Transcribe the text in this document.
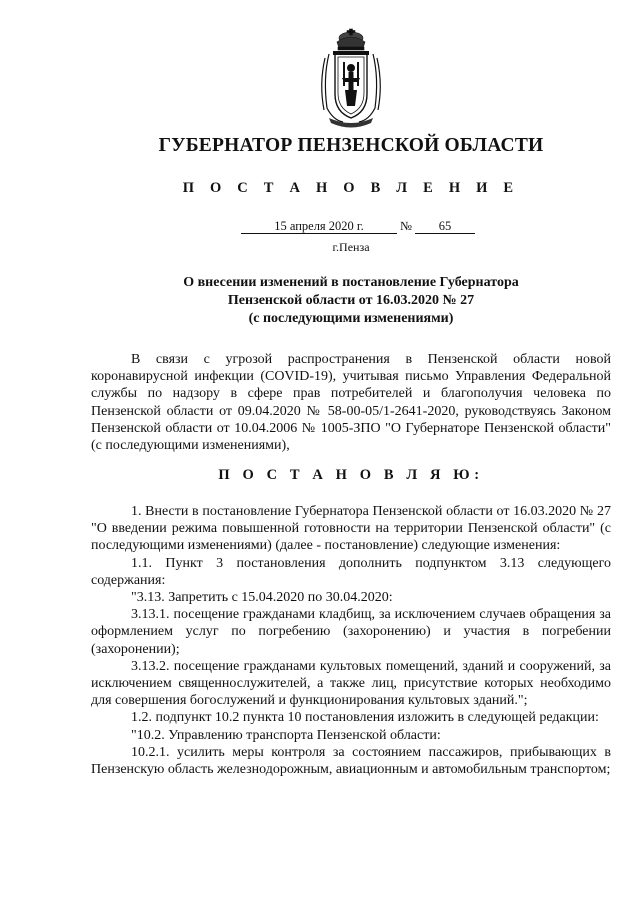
ГУБЕРНАТОР ПЕНЗЕНСКОЙ ОБЛАСТИ
П О С Т А Н О В Л Е Н И Е
15 апреля 2020 г.	№	65
г.Пенза
О внесении изменений в постановление Губернатора
Пензенской области от 16.03.2020 № 27
(с последующими изменениями)

В связи с угрозой распространения в Пензенской области новой коронавирусной инфекции (COVID-19), учитывая письмо Управления Федеральной службы по надзору в сфере прав потребителей и благополучия человека по Пензенской области от 09.04.2020 № 58-00-05/1-2641-2020, руководствуясь Законом Пензенской области от 10.04.2006 № 1005-ЗПО "О Губернаторе Пензенской области" (с последующими изменениями),

П О С Т А Н О В Л Я Ю:

1. Внести в постановление Губернатора Пензенской области от 16.03.2020 № 27 "О введении режима повышенной готовности на территории Пензенской области" (с последующими изменениями) (далее - постановление) следующие изменения:

1.1. Пункт 3 постановления дополнить подпунктом 3.13 следующего содержания:

"3.13. Запретить с 15.04.2020 по 30.04.2020:

3.13.1. посещение гражданами кладбищ, за исключением случаев обращения за оформлением услуг по погребению (захоронению) и участия в погребении (захоронении);

3.13.2. посещение гражданами культовых помещений, зданий и сооружений, за исключением священнослужителей, а также лиц, присутствие которых необходимо для совершения богослужений и функционирования культовых зданий.";

1.2. подпункт 10.2 пункта 10 постановления изложить в следующей редакции:

"10.2. Управлению транспорта Пензенской области:

10.2.1. усилить меры контроля за состоянием пассажиров, прибывающих в Пензенскую область железнодорожным, авиационным и автомобильным транспортом;
